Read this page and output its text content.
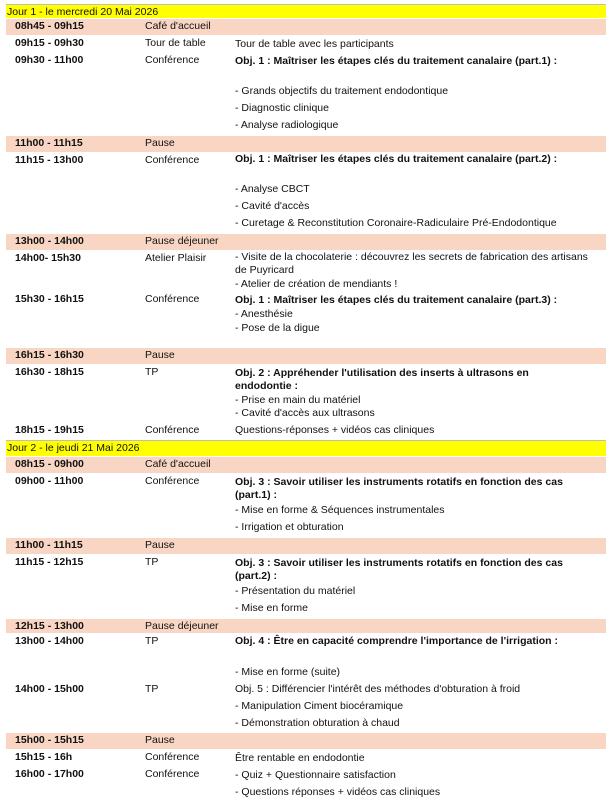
Jour 1 - le mercredi 20 Mai 2026
08h45 - 09h15	Café d'accueil
09h15 - 09h30	Tour de table	Tour de table avec les participants
09h30 - 11h00	Conférence	Obj. 1 : Maîtriser les étapes clés du traitement canalaire (part.1) :
- Grands objectifs du traitement endodontique
- Diagnostic clinique
- Analyse radiologique
11h00 - 11h15	Pause
11h15 - 13h00	Conférence	Obj. 1 : Maîtriser les étapes clés du traitement canalaire (part.2) :
- Analyse CBCT
- Cavité d'accès
- Curetage & Reconstitution Coronaire-Radiculaire Pré-Endodontique
13h00 - 14h00	Pause déjeuner
14h00- 15h30	Atelier Plaisir	- Visite de la chocolaterie : découvrez les secrets de fabrication des artisans
de Puyricard
- Atelier de création de mendiants !
15h30 - 16h15	Conférence	Obj. 1 : Maîtriser les étapes clés du traitement canalaire (part.3) :
- Anesthésie
- Pose de la digue
16h15 - 16h30	Pause
16h30 - 18h15	TP	Obj. 2 : Appréhender l'utilisation des inserts à ultrasons en
endodontie :
- Prise en main du matériel
- Cavité d'accès aux ultrasons
18h15 - 19h15	Conférence	Questions-réponses + vidéos cas cliniques
Jour 2 - le jeudi 21 Mai 2026
08h15 - 09h00	Café d'accueil
09h00 - 11h00	Conférence	Obj. 3 : Savoir utiliser les instruments rotatifs en fonction des cas
(part.1) :
- Mise en forme & Séquences instrumentales
- Irrigation et obturation
11h00 - 11h15	Pause
11h15 - 12h15	TP	Obj. 3 : Savoir utiliser les instruments rotatifs en fonction des cas
(part.2) :
- Présentation du matériel
- Mise en forme
12h15 - 13h00	Pause déjeuner
13h00 - 14h00	TP	Obj. 4 : Être en capacité comprendre l'importance de l'irrigation :
- Mise en forme (suite)
14h00 - 15h00	TP	Obj. 5 : Différencier l'intérêt des méthodes d'obturation à froid
- Manipulation Ciment biocéramique
- Démonstration obturation à chaud
15h00 - 15h15	Pause
15h15 - 16h	Conférence	Être rentable en endodontie
16h00 - 17h00	Conférence	- Quiz + Questionnaire satisfaction
- Questions réponses + vidéos cas cliniques
